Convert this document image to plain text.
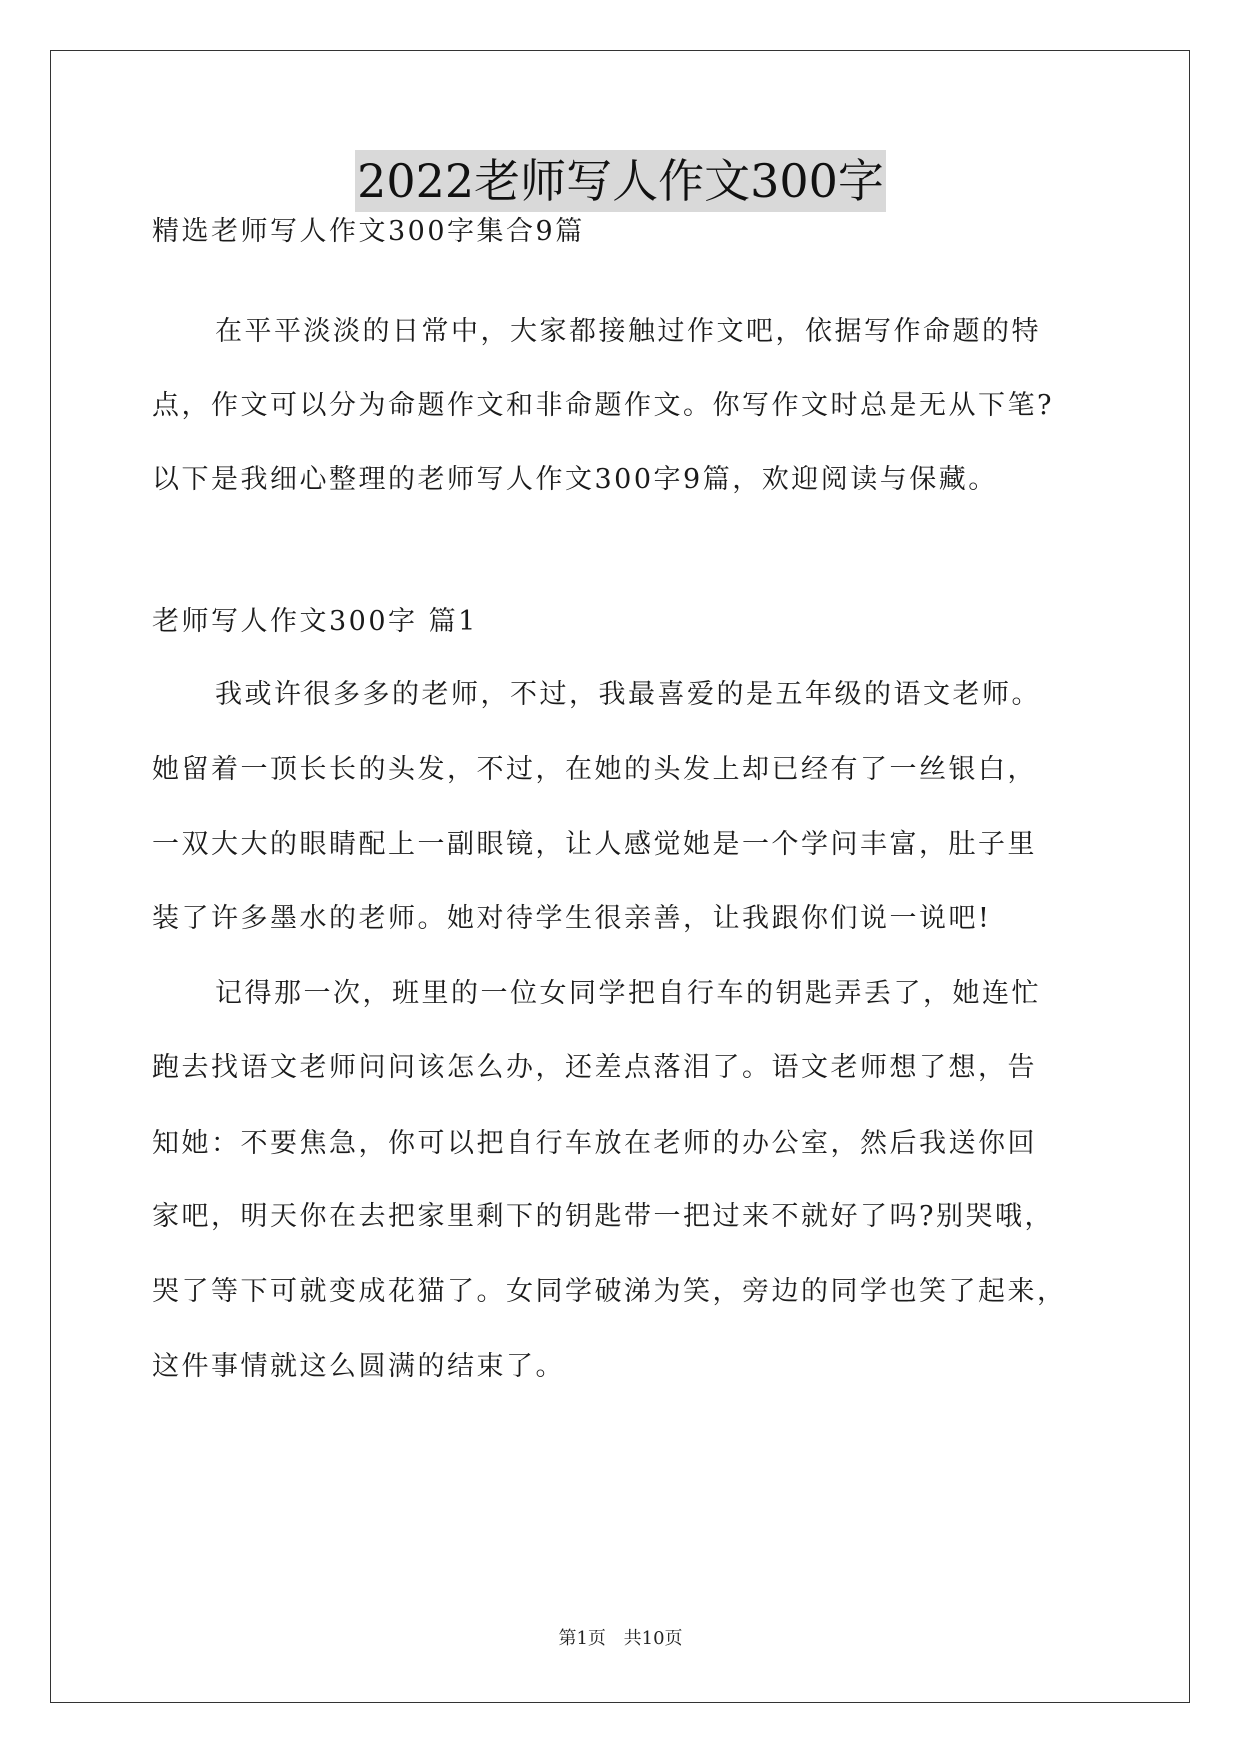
2022老师写人作文300字
精选老师写人作文300字集合9篇
在平平淡淡的日常中，大家都接触过作文吧，依据写作命题的特
点，作文可以分为命题作文和非命题作文。你写作文时总是无从下笔?
以下是我细心整理的老师写人作文300字9篇，欢迎阅读与保藏。
老师写人作文300字 篇1
我或许很多多的老师，不过，我最喜爱的是五年级的语文老师。
她留着一顶长长的头发，不过，在她的头发上却已经有了一丝银白，
一双大大的眼睛配上一副眼镜，让人感觉她是一个学问丰富，肚子里
装了许多墨水的老师。她对待学生很亲善，让我跟你们说一说吧!
记得那一次，班里的一位女同学把自行车的钥匙弄丢了，她连忙
跑去找语文老师问问该怎么办，还差点落泪了。语文老师想了想，告
知她：不要焦急，你可以把自行车放在老师的办公室，然后我送你回
家吧，明天你在去把家里剩下的钥匙带一把过来不就好了吗?别哭哦，
哭了等下可就变成花猫了。女同学破涕为笑，旁边的同学也笑了起来，
这件事情就这么圆满的结束了。
第1页 共10页
